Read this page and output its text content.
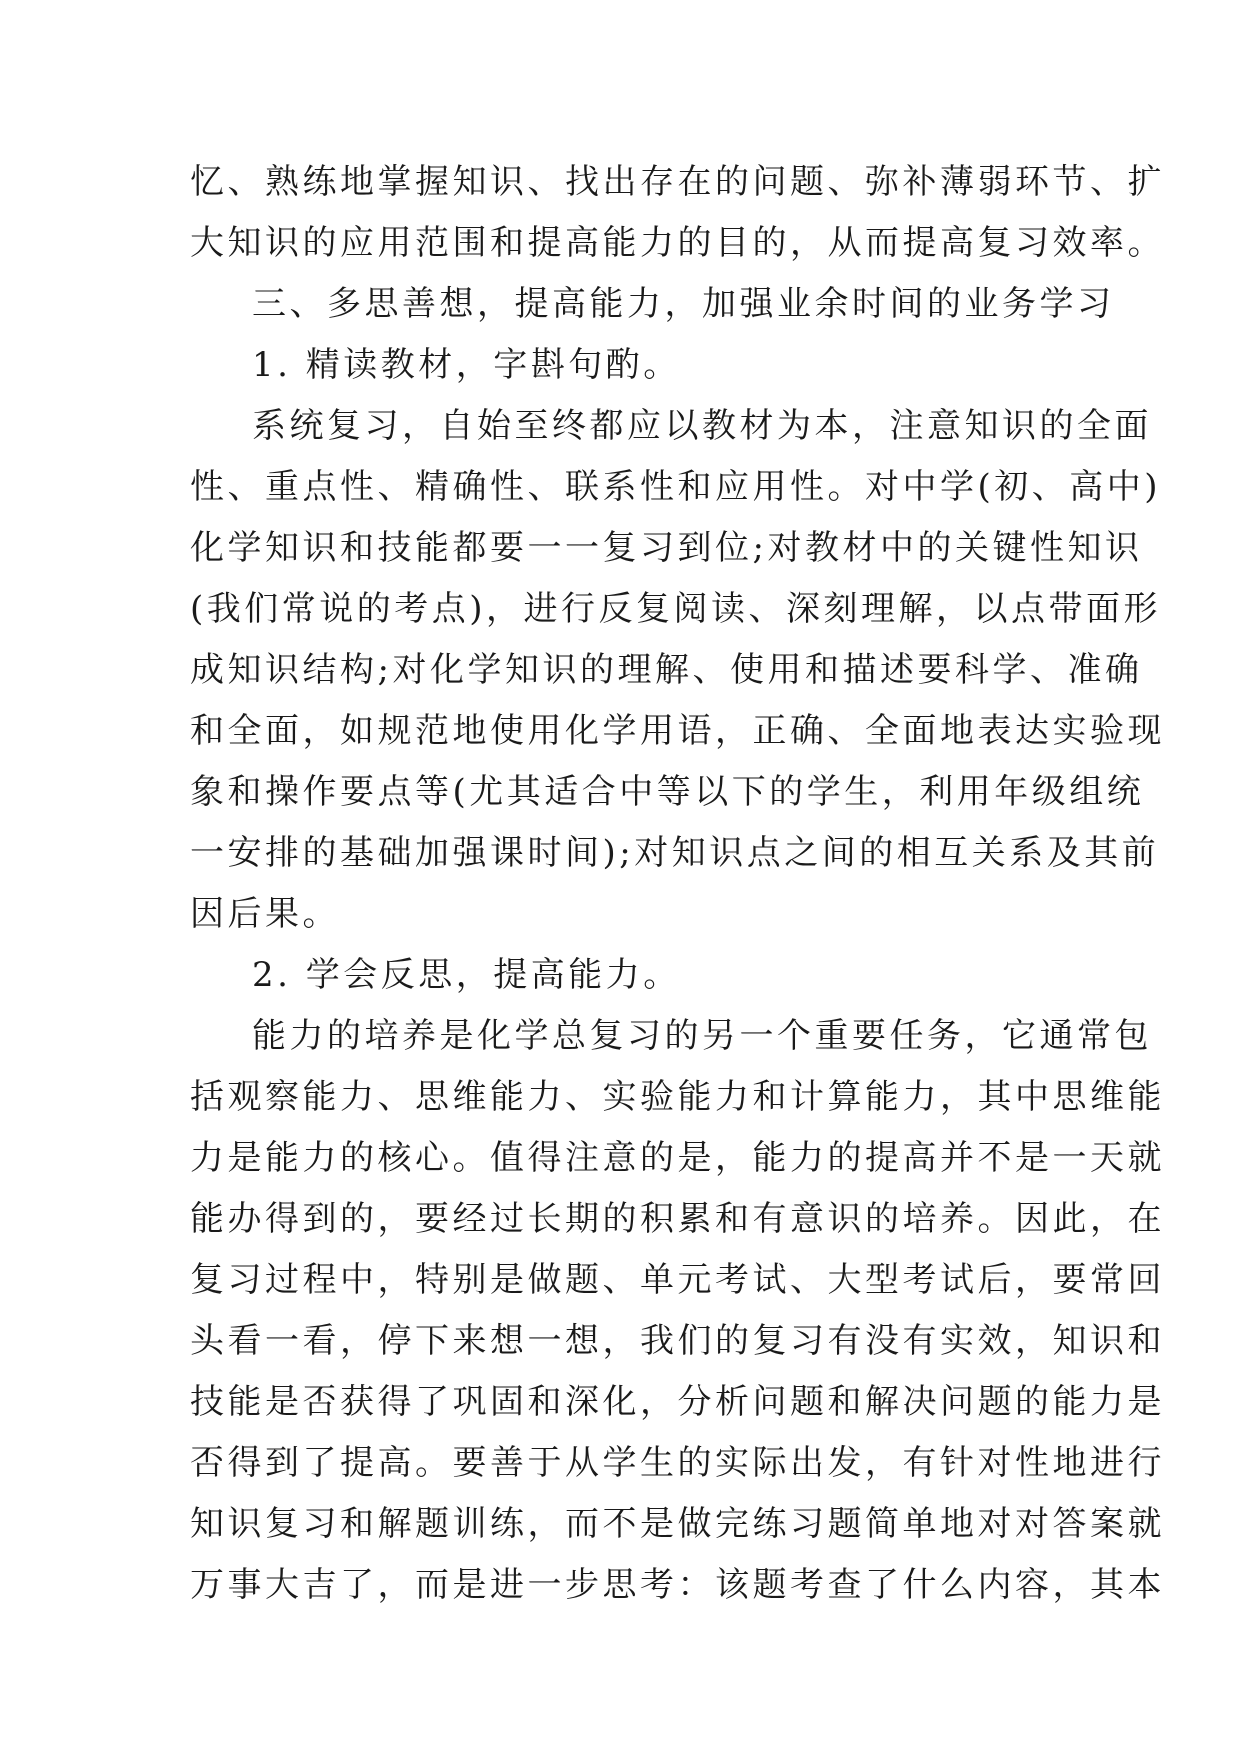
忆、熟练地掌握知识、找出存在的问题、弥补薄弱环节、扩
大知识的应用范围和提高能力的目的，从而提高复习效率。
三、多思善想，提高能力，加强业余时间的业务学习
1. 精读教材，字斟句酌。
系统复习，自始至终都应以教材为本，注意知识的全面
性、重点性、精确性、联系性和应用性。对中学(初、高中)
化学知识和技能都要一一复习到位;对教材中的关键性知识
(我们常说的考点)，进行反复阅读、深刻理解，以点带面形
成知识结构;对化学知识的理解、使用和描述要科学、准确
和全面，如规范地使用化学用语，正确、全面地表达实验现
象和操作要点等(尤其适合中等以下的学生，利用年级组统
一安排的基础加强课时间);对知识点之间的相互关系及其前
因后果。
2. 学会反思，提高能力。
能力的培养是化学总复习的另一个重要任务，它通常包
括观察能力、思维能力、实验能力和计算能力，其中思维能
力是能力的核心。值得注意的是，能力的提高并不是一天就
能办得到的，要经过长期的积累和有意识的培养。因此，在
复习过程中，特别是做题、单元考试、大型考试后，要常回
头看一看，停下来想一想，我们的复习有没有实效，知识和
技能是否获得了巩固和深化，分析问题和解决问题的能力是
否得到了提高。要善于从学生的实际出发，有针对性地进行
知识复习和解题训练，而不是做完练习题简单地对对答案就
万事大吉了，而是进一步思考：该题考查了什么内容，其本
